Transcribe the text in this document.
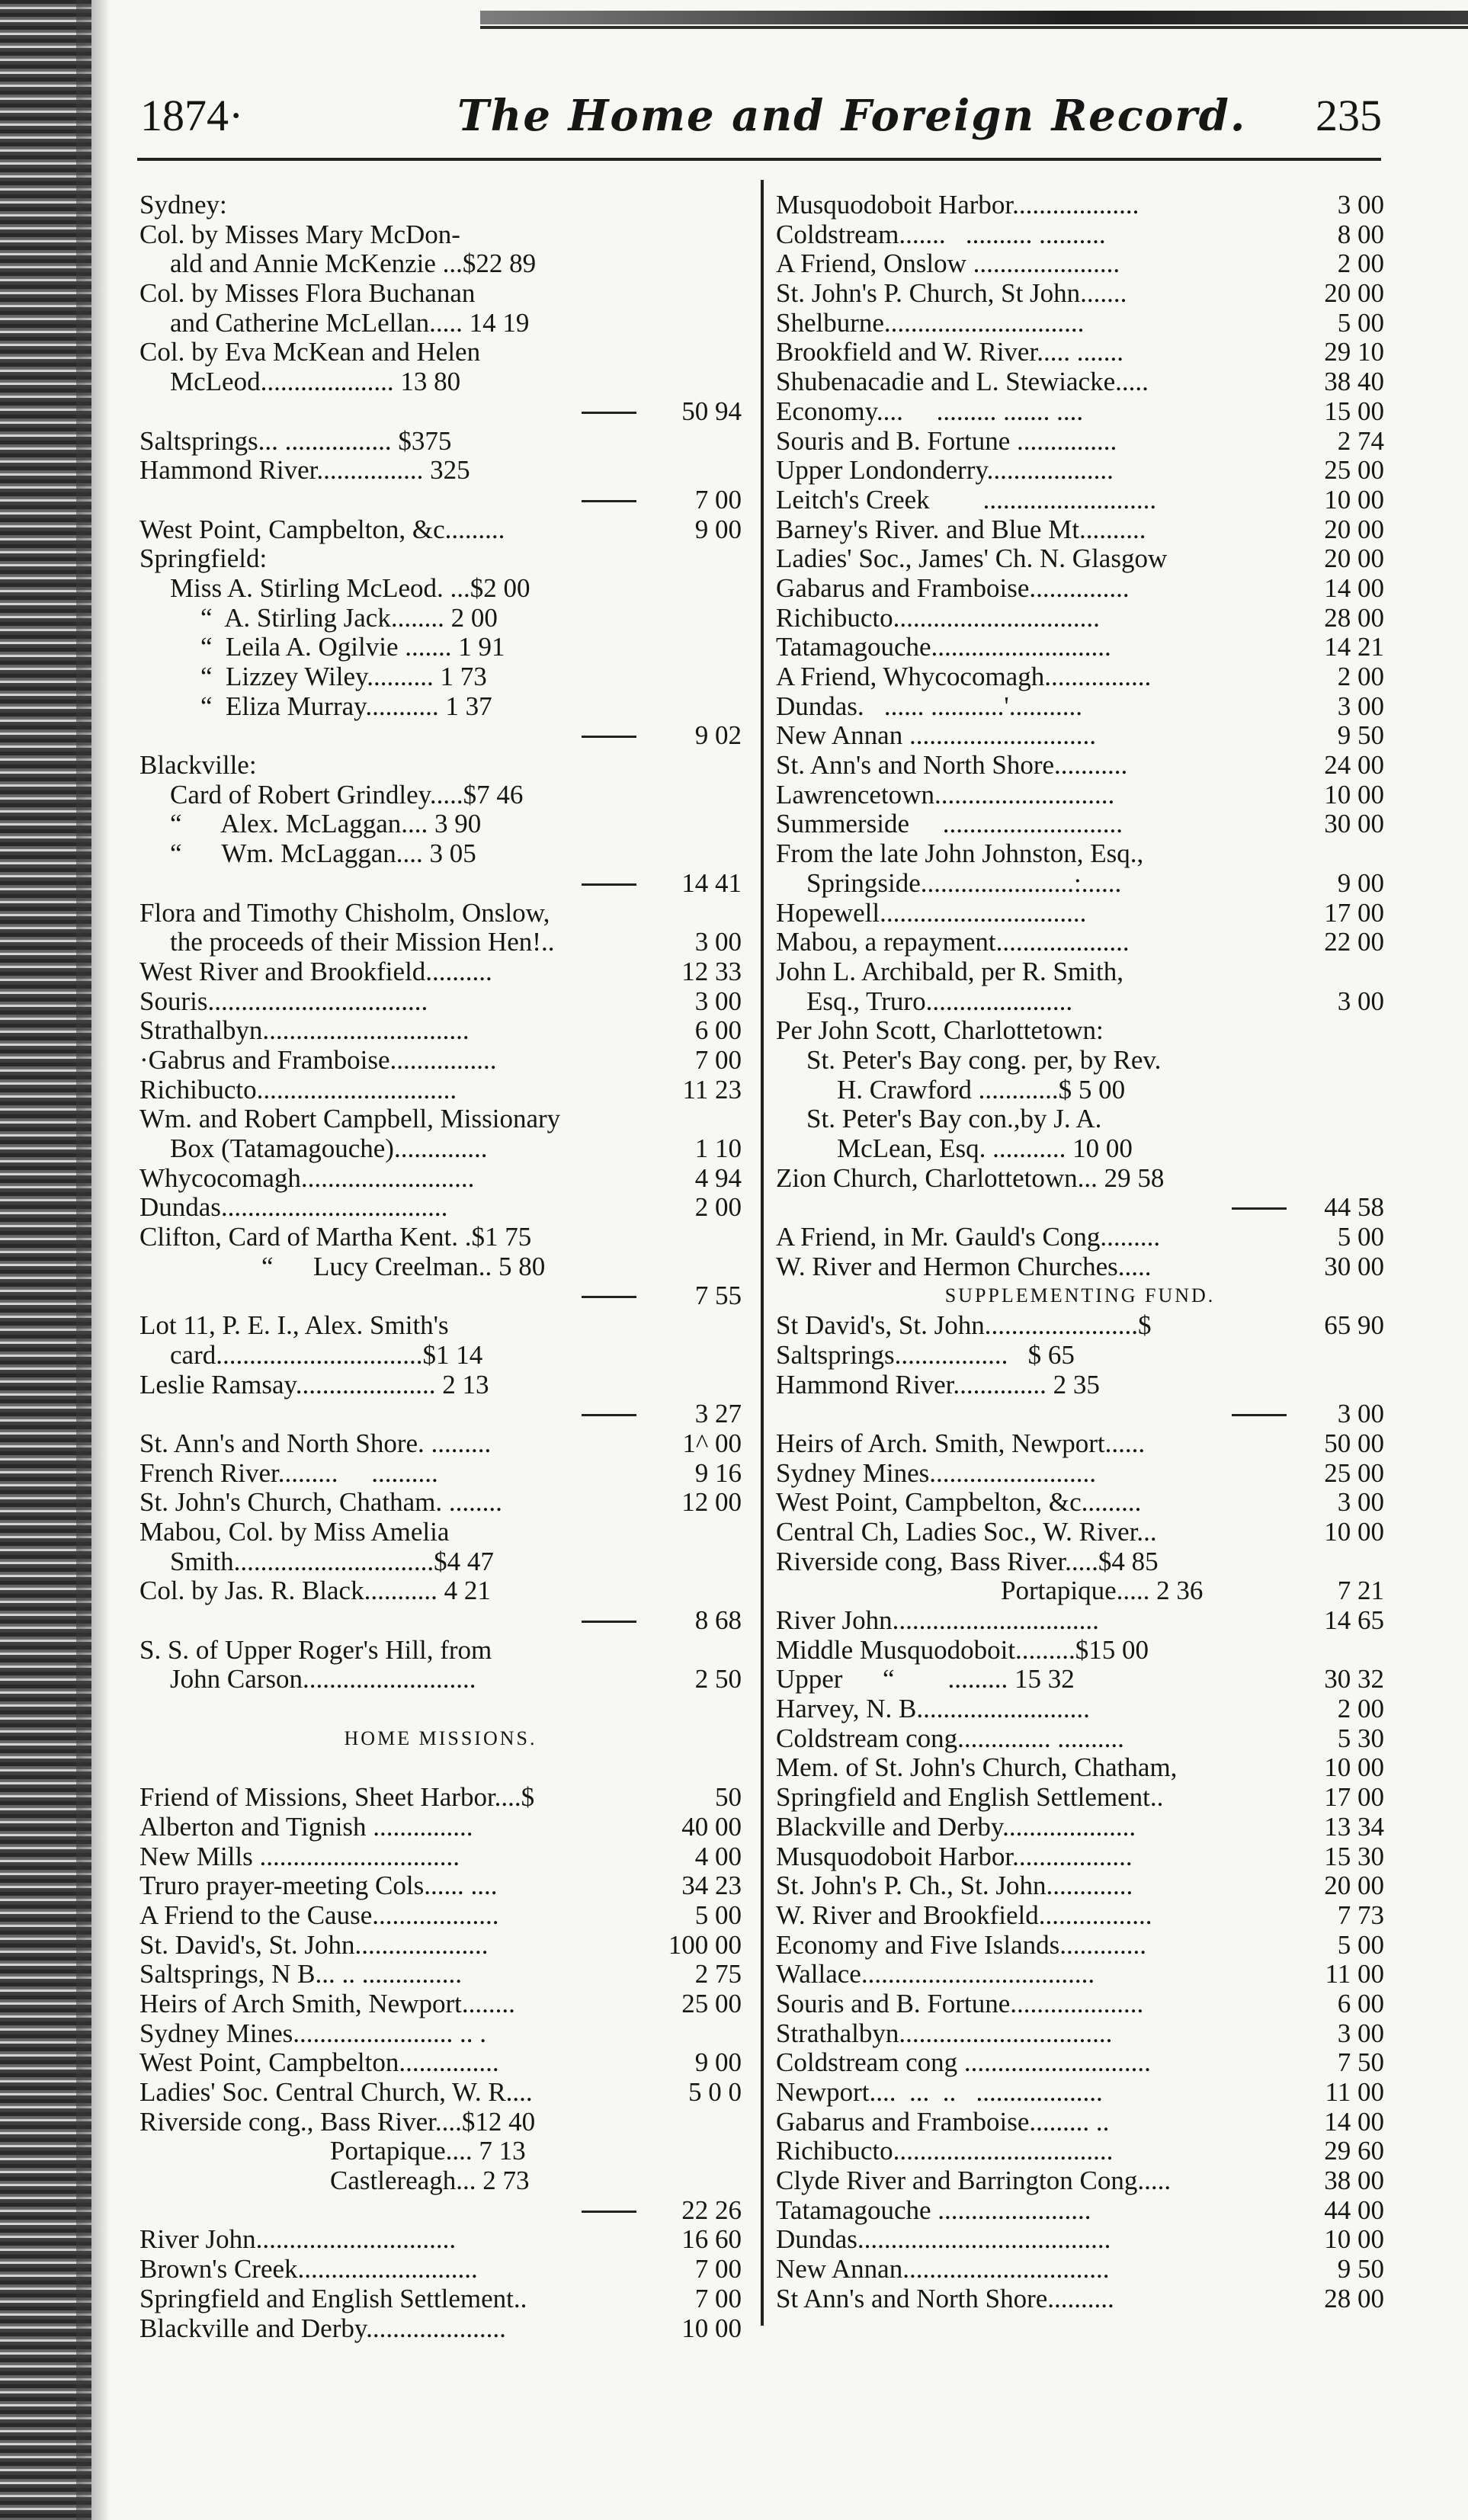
1874·	The Home and Foreign Record. 235
Sydney:
Col. by Misses Mary McDon-
ald and Annie McKenzie ...$22 89
Col. by Misses Flora Buchanan
and Catherine McLellan..... 14 19
Col. by Eva McKean and Helen
McLeod.................... 13 80
50 94
Saltsprings... ................ $375
Hammond River................ 325
7 00
West Point, Campbelton, &c.........	9 00
Springfield:
Miss A. Stirling McLeod. ...$2 00
“  A. Stirling Jack........ 2 00
“  Leila A. Ogilvie ....... 1 91
“  Lizzey Wiley.......... 1 73
“  Eliza Murray........... 1 37
9 02
Blackville:
Card of Robert Grindley.....$7 46
“      Alex. McLaggan.... 3 90
“      Wm. McLaggan.... 3 05
14 41
Flora and Timothy Chisholm, Onslow,
the proceeds of their Mission Hen!..	3 00
West River and Brookfield..........	12 33
Souris.................................	3 00
Strathalbyn...............................	6 00
·Gabrus and Framboise................	7 00
Richibucto..............................	11 23
Wm. and Robert Campbell, Missionary
Box (Tatamagouche)..............	1 10
Whycocomagh..........................	4 94
Dundas..................................	2 00
Clifton, Card of Martha Kent. .$1 75
“      Lucy Creelman.. 5 80
7 55
Lot 11, P. E. I., Alex. Smith's
card...............................$1 14
Leslie Ramsay..................... 2 13
3 27
St. Ann's and North Shore. .........	1^ 00
French River.........     ..........	9 16
St. John's Church, Chatham. ........	12 00
Mabou, Col. by Miss Amelia
Smith..............................$4 47
Col. by Jas. R. Black........... 4 21
8 68
S. S. of Upper Roger's Hill, from
John Carson..........................	2 50
HOME MISSIONS.
Friend of Missions, Sheet Harbor....$	50
Alberton and Tignish ...............	40 00
New Mills ..............................	4 00
Truro prayer-meeting Cols...... ....	34 23
A Friend to the Cause...................	5 00
St. David's, St. John....................	100 00
Saltsprings, N B... .. ...............	2 75
Heirs of Arch Smith, Newport........	25 00
Sydney Mines........................ .. .
West Point, Campbelton...............	9 00
Ladies' Soc. Central Church, W. R....	5 0 0
Riverside cong., Bass River....$12 40
Portapique.... 7 13
Castlereagh... 2 73
22 26
River John..............................	16 60
Brown's Creek...........................	7 00
Springfield and English Settlement..	7 00
Blackville and Derby.....................	10 00
Musquodoboit Harbor...................	3 00
Coldstream.......   .......... ..........	8 00
A Friend, Onslow ......................	2 00
St. John's P. Church, St John.......	20 00
Shelburne..............................	5 00
Brookfield and W. River..... .......	29 10
Shubenacadie and L. Stewiacke.....	38 40
Economy....     ......... ....... ....	15 00
Souris and B. Fortune ...............	2 74
Upper Londonderry...................	25 00
Leitch's Creek        ..........................	10 00
Barney's River. and Blue Mt..........	20 00
Ladies' Soc., James' Ch. N. Glasgow	20 00
Gabarus and Framboise...............	14 00
Richibucto...............................	28 00
Tatamagouche...........................	14 21
A Friend, Whycocomagh................	2 00
Dundas.   ...... ...........'...........	3 00
New Annan ............................	9 50
St. Ann's and North Shore...........	24 00
Lawrencetown...........................	10 00
Summerside     ...........................	30 00
From the late John Johnston, Esq.,
Springside.......................:......	9 00
Hopewell...............................	17 00
Mabou, a repayment....................	22 00
John L. Archibald, per R. Smith,
Esq., Truro......................	3 00
Per John Scott, Charlottetown:
St. Peter's Bay cong. per, by Rev.
H. Crawford ............$ 5 00
St. Peter's Bay con.,by J. A.
McLean, Esq. ........... 10 00
Zion Church, Charlottetown... 29 58
44 58
A Friend, in Mr. Gauld's Cong.........	5 00
W. River and Hermon Churches.....	30 00
SUPPLEMENTING FUND.
St David's, St. John.......................$	65 90
Saltsprings.................   $ 65
Hammond River.............. 2 35
3 00
Heirs of Arch. Smith, Newport......	50 00
Sydney Mines.........................	25 00
West Point, Campbelton, &c.........	3 00
Central Ch, Ladies Soc., W. River...	10 00
Riverside cong, Bass River.....$4 85
Portapique..... 2 36	7 21
River John...............................	14 65
Middle Musquodoboit.........$15 00
Upper      “        ......... 15 32	30 32
Harvey, N. B..........................	2 00
Coldstream cong.............. ..........	5 30
Mem. of St. John's Church, Chatham,	10 00
Springfield and English Settlement..	17 00
Blackville and Derby....................	13 34
Musquodoboit Harbor..................	15 30
St. John's P. Ch., St. John.............	20 00
W. River and Brookfield.................	7 73
Economy and Five Islands.............	5 00
Wallace...................................	11 00
Souris and B. Fortune....................	6 00
Strathalbyn................................	3 00
Coldstream cong ............................	7 50
Newport....  ...  ..   ...................	11 00
Gabarus and Framboise......... ..	14 00
Richibucto.................................	29 60
Clyde River and Barrington Cong.....	38 00
Tatamagouche .......................	44 00
Dundas......................................	10 00
New Annan...............................	9 50
St Ann's and North Shore..........	28 00
